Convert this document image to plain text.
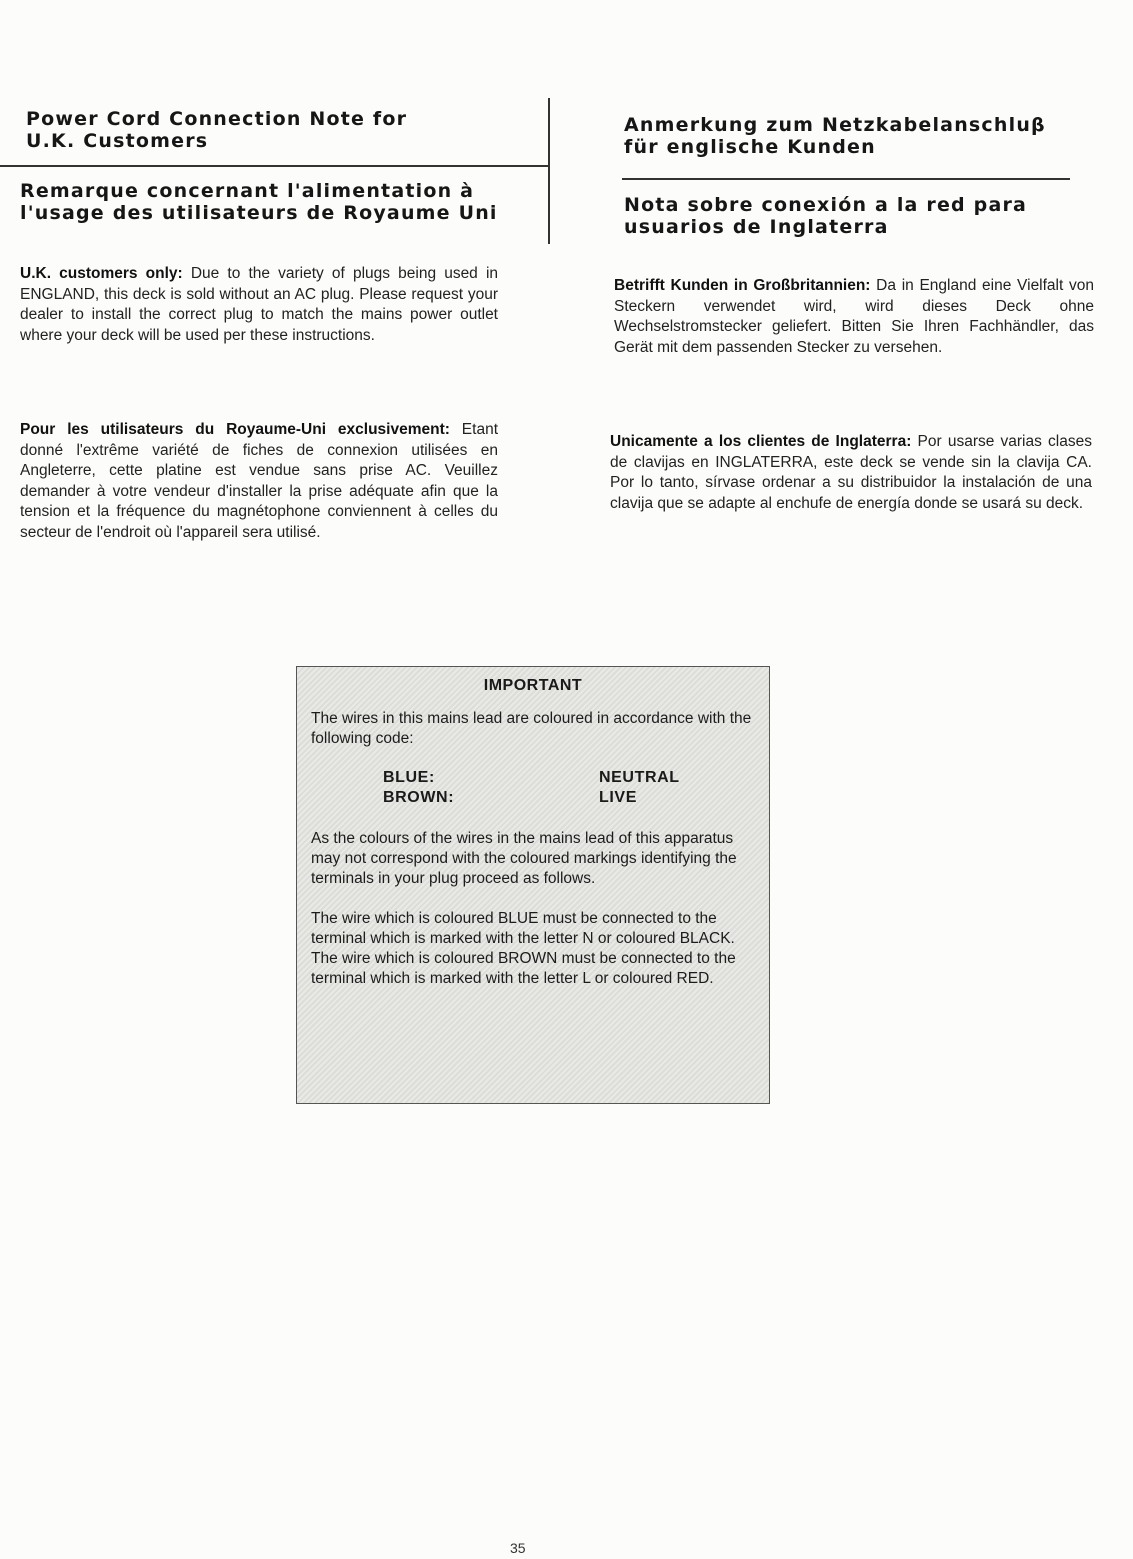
Power Cord Connection Note for
U.K. Customers
Anmerkung zum Netzkabelanschluβ
für englische Kunden
Remarque concernant l'alimentation à
l'usage des utilisateurs de Royaume Uni	Nota sobre conexión a la red para
usuarios de Inglaterra

U.K. customers only: Due to the variety of plugs being used in ENGLAND, this deck is sold without an AC plug. Please request your dealer to install the correct plug to match the mains power outlet where your deck will be used per these instructions.

Betrifft Kunden in Großbritannien: Da in England eine Vielfalt von Steckern verwendet wird, wird dieses Deck ohne Wechselstromstecker geliefert. Bitten Sie Ihren Fachhändler, das Gerät mit dem passenden Stecker zu versehen.

Pour les utilisateurs du Royaume-Uni exclusivement: Etant donné l'extrême variété de fiches de connexion utilisées en Angleterre, cette platine est vendue sans prise AC. Veuillez demander à votre vendeur d'installer la prise adéquate afin que la tension et la fréquence du magnétophone conviennent à celles du secteur de l'endroit où l'appareil sera utilisé.

Unicamente a los clientes de Inglaterra: Por usarse varias clases de clavijas en INGLATERRA, este deck se vende sin la clavija CA. Por lo tanto, sírvase ordenar a su distribuidor la instalación de una clavija que se adapte al enchufe de energía donde se usará su deck.

IMPORTANT

The wires in this mains lead are coloured in accordance with the following code:

BLUE:	NEUTRAL
BROWN:	LIVE

As the colours of the wires in the mains lead of this apparatus may not correspond with the coloured markings identifying the terminals in your plug proceed as follows.

The wire which is coloured BLUE must be connected to the terminal which is marked with the letter N or coloured BLACK.

The wire which is coloured BROWN must be connected to the terminal which is marked with the letter L or coloured RED.

35
